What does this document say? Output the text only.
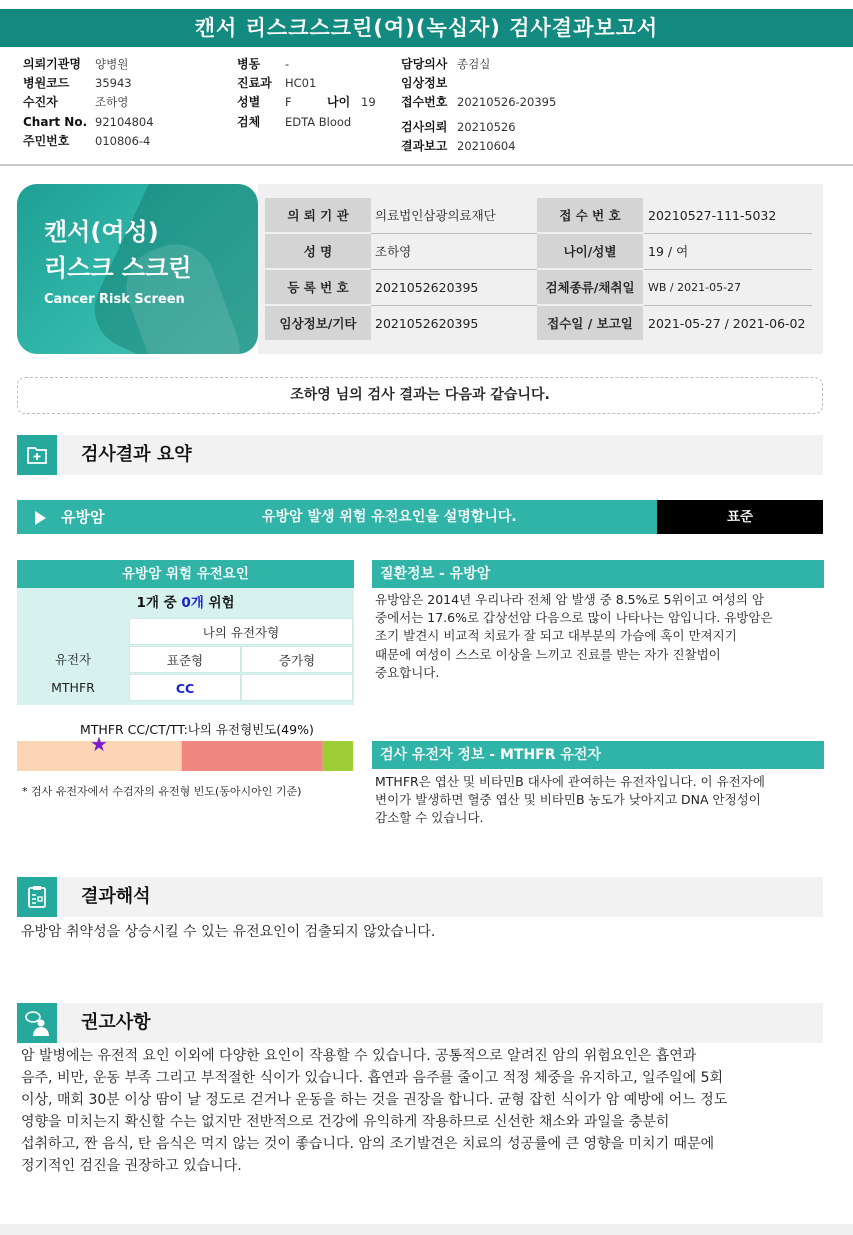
캔서 리스크스크린(여)(녹십자) 검사결과보고서
의뢰기관명 양병원
병원코드 35943
수진자	조하영
Chart No. 92104804
주민번호 010806-4
병동 -
진료과 HC01
성별 F	나이 19
검체 EDTA Blood
담당의사 종검실
임상정보
접수번호 20210526-20395
검사의뢰 20210526
결과보고 20210604
캔서(여성)
리스크 스크린
Cancer Risk Screen
의 뢰 기 관	의료법인삼광의료재단	접 수 번 호	20210527-111-5032
성 명	조하영	나이/성별	19 / 여
등 록 번 호	2021052620395	검체종류/채취일	WB / 2021-05-27
임상정보/기타	2021052620395	접수일 / 보고일	2021-05-27 / 2021-06-02
조하영 님의 검사 결과는 다음과 같습니다.
검사결과 요약
유방암	유방암 발생 위험 유전요인을 설명합니다.	표준
유방암 위험 유전요인
1개 중 0개 위험
나의 유전자형
유전자	표준형	증가형
MTHFR	CC
MTHFR CC/CT/TT:나의 유전형빈도(49%)
★
* 검사 유전자에서 수검자의 유전형 빈도(동아시아인 기준)
질환정보 - 유방암
유방암은 2014년 우리나라 전체 암 발생 중 8.5%로 5위이고 여성의 암
중에서는 17.6%로 갑상선암 다음으로 많이 나타나는 암입니다. 유방암은
조기 발견시 비교적 치료가 잘 되고 대부분의 가슴에 혹이 만져지기
때문에 여성이 스스로 이상을 느끼고 진료를 받는 자가 진찰법이
중요합니다.
검사 유전자 정보 - MTHFR 유전자
MTHFR은 엽산 및 비타민B 대사에 관여하는 유전자입니다. 이 유전자에
변이가 발생하면 혈중 엽산 및 비타민B 농도가 낮아지고 DNA 안정성이
감소할 수 있습니다.
결과해석
유방암 취약성을 상승시킬 수 있는 유전요인이 검출되지 않았습니다.
권고사항
암 발병에는 유전적 요인 이외에 다양한 요인이 작용할 수 있습니다. 공통적으로 알려진 암의 위험요인은 흡연과
음주, 비만, 운동 부족 그리고 부적절한 식이가 있습니다. 흡연과 음주를 줄이고 적정 체중을 유지하고, 일주일에 5회
이상, 매회 30분 이상 땀이 날 정도로 걷거나 운동을 하는 것을 권장을 합니다. 균형 잡힌 식이가 암 예방에 어느 정도
영향을 미치는지 확신할 수는 없지만 전반적으로 건강에 유익하게 작용하므로 신선한 채소와 과일을 충분히
섭취하고, 짠 음식, 탄 음식은 먹지 않는 것이 좋습니다. 암의 조기발견은 치료의 성공률에 큰 영향을 미치기 때문에
정기적인 검진을 권장하고 있습니다.
